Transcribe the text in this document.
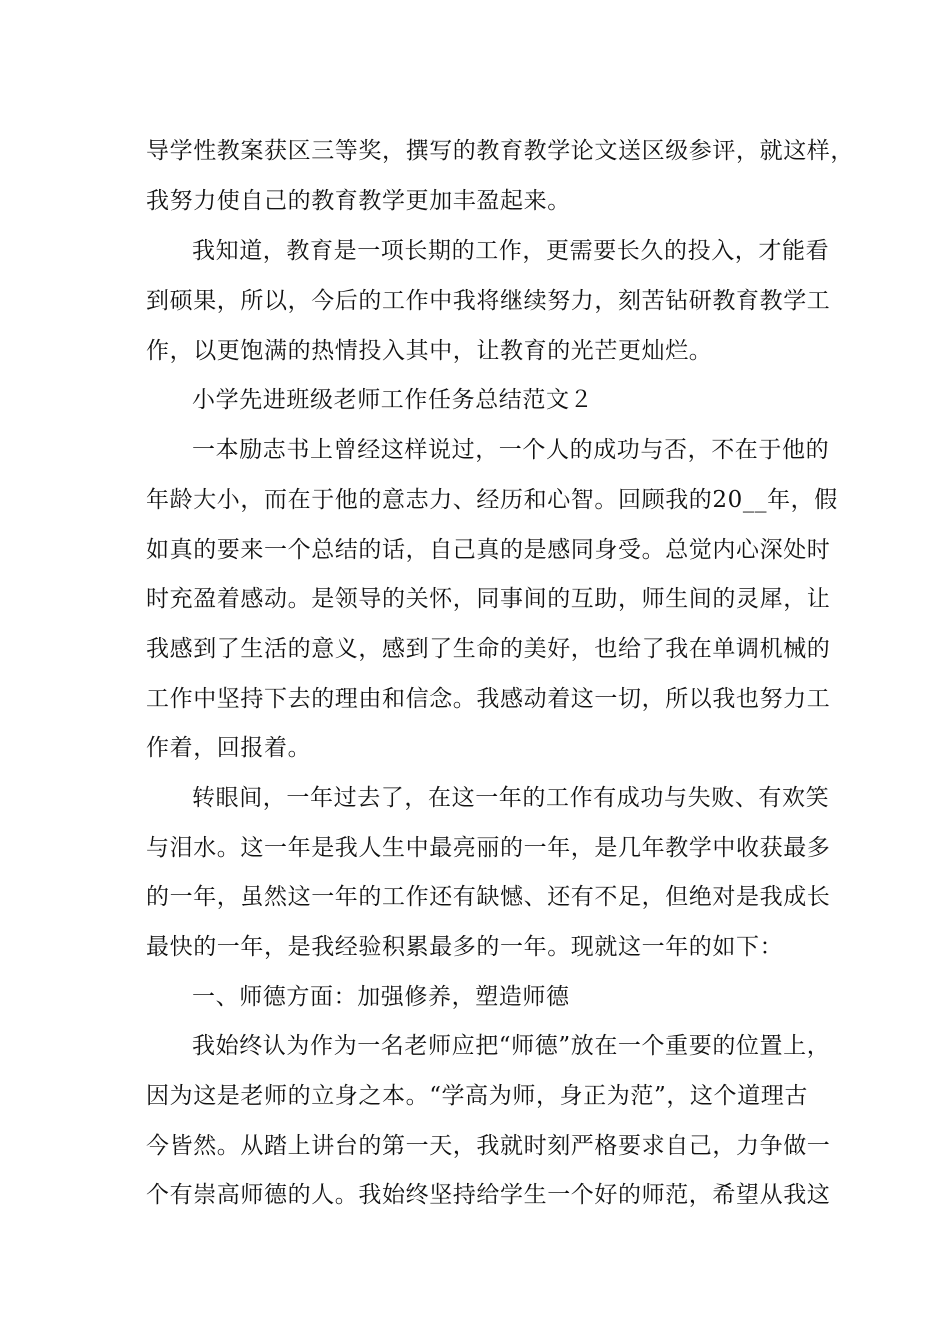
导学性教案获区三等奖，撰写的教育教学论文送区级参评，就这样，
我努力使自己的教育教学更加丰盈起来。
我知道，教育是一项长期的工作，更需要长久的投入，才能看
到硕果，所以，今后的工作中我将继续努力，刻苦钻研教育教学工
作，以更饱满的热情投入其中，让教育的光芒更灿烂。
小学先进班级老师工作任务总结范文２
一本励志书上曾经这样说过，一个人的成功与否，不在于他的
年龄大小，而在于他的意志力、经历和心智。回顾我的20__年，假
如真的要来一个总结的话，自己真的是感同身受。总觉内心深处时
时充盈着感动。是领导的关怀，同事间的互助，师生间的灵犀，让
我感到了生活的意义，感到了生命的美好，也给了我在单调机械的
工作中坚持下去的理由和信念。我感动着这一切，所以我也努力工
作着，回报着。
转眼间，一年过去了，在这一年的工作有成功与失败、有欢笑
与泪水。这一年是我人生中最亮丽的一年，是几年教学中收获最多
的一年，虽然这一年的工作还有缺憾、还有不足，但绝对是我成长
最快的一年，是我经验积累最多的一年。现就这一年的如下：
一、师德方面：加强修养，塑造师德
我始终认为作为一名老师应把“师德”放在一个重要的位置上，
因为这是老师的立身之本。“学高为师，身正为范”，这个道理古
今皆然。从踏上讲台的第一天，我就时刻严格要求自己，力争做一
个有崇高师德的人。我始终坚持给学生一个好的师范，希望从我这
